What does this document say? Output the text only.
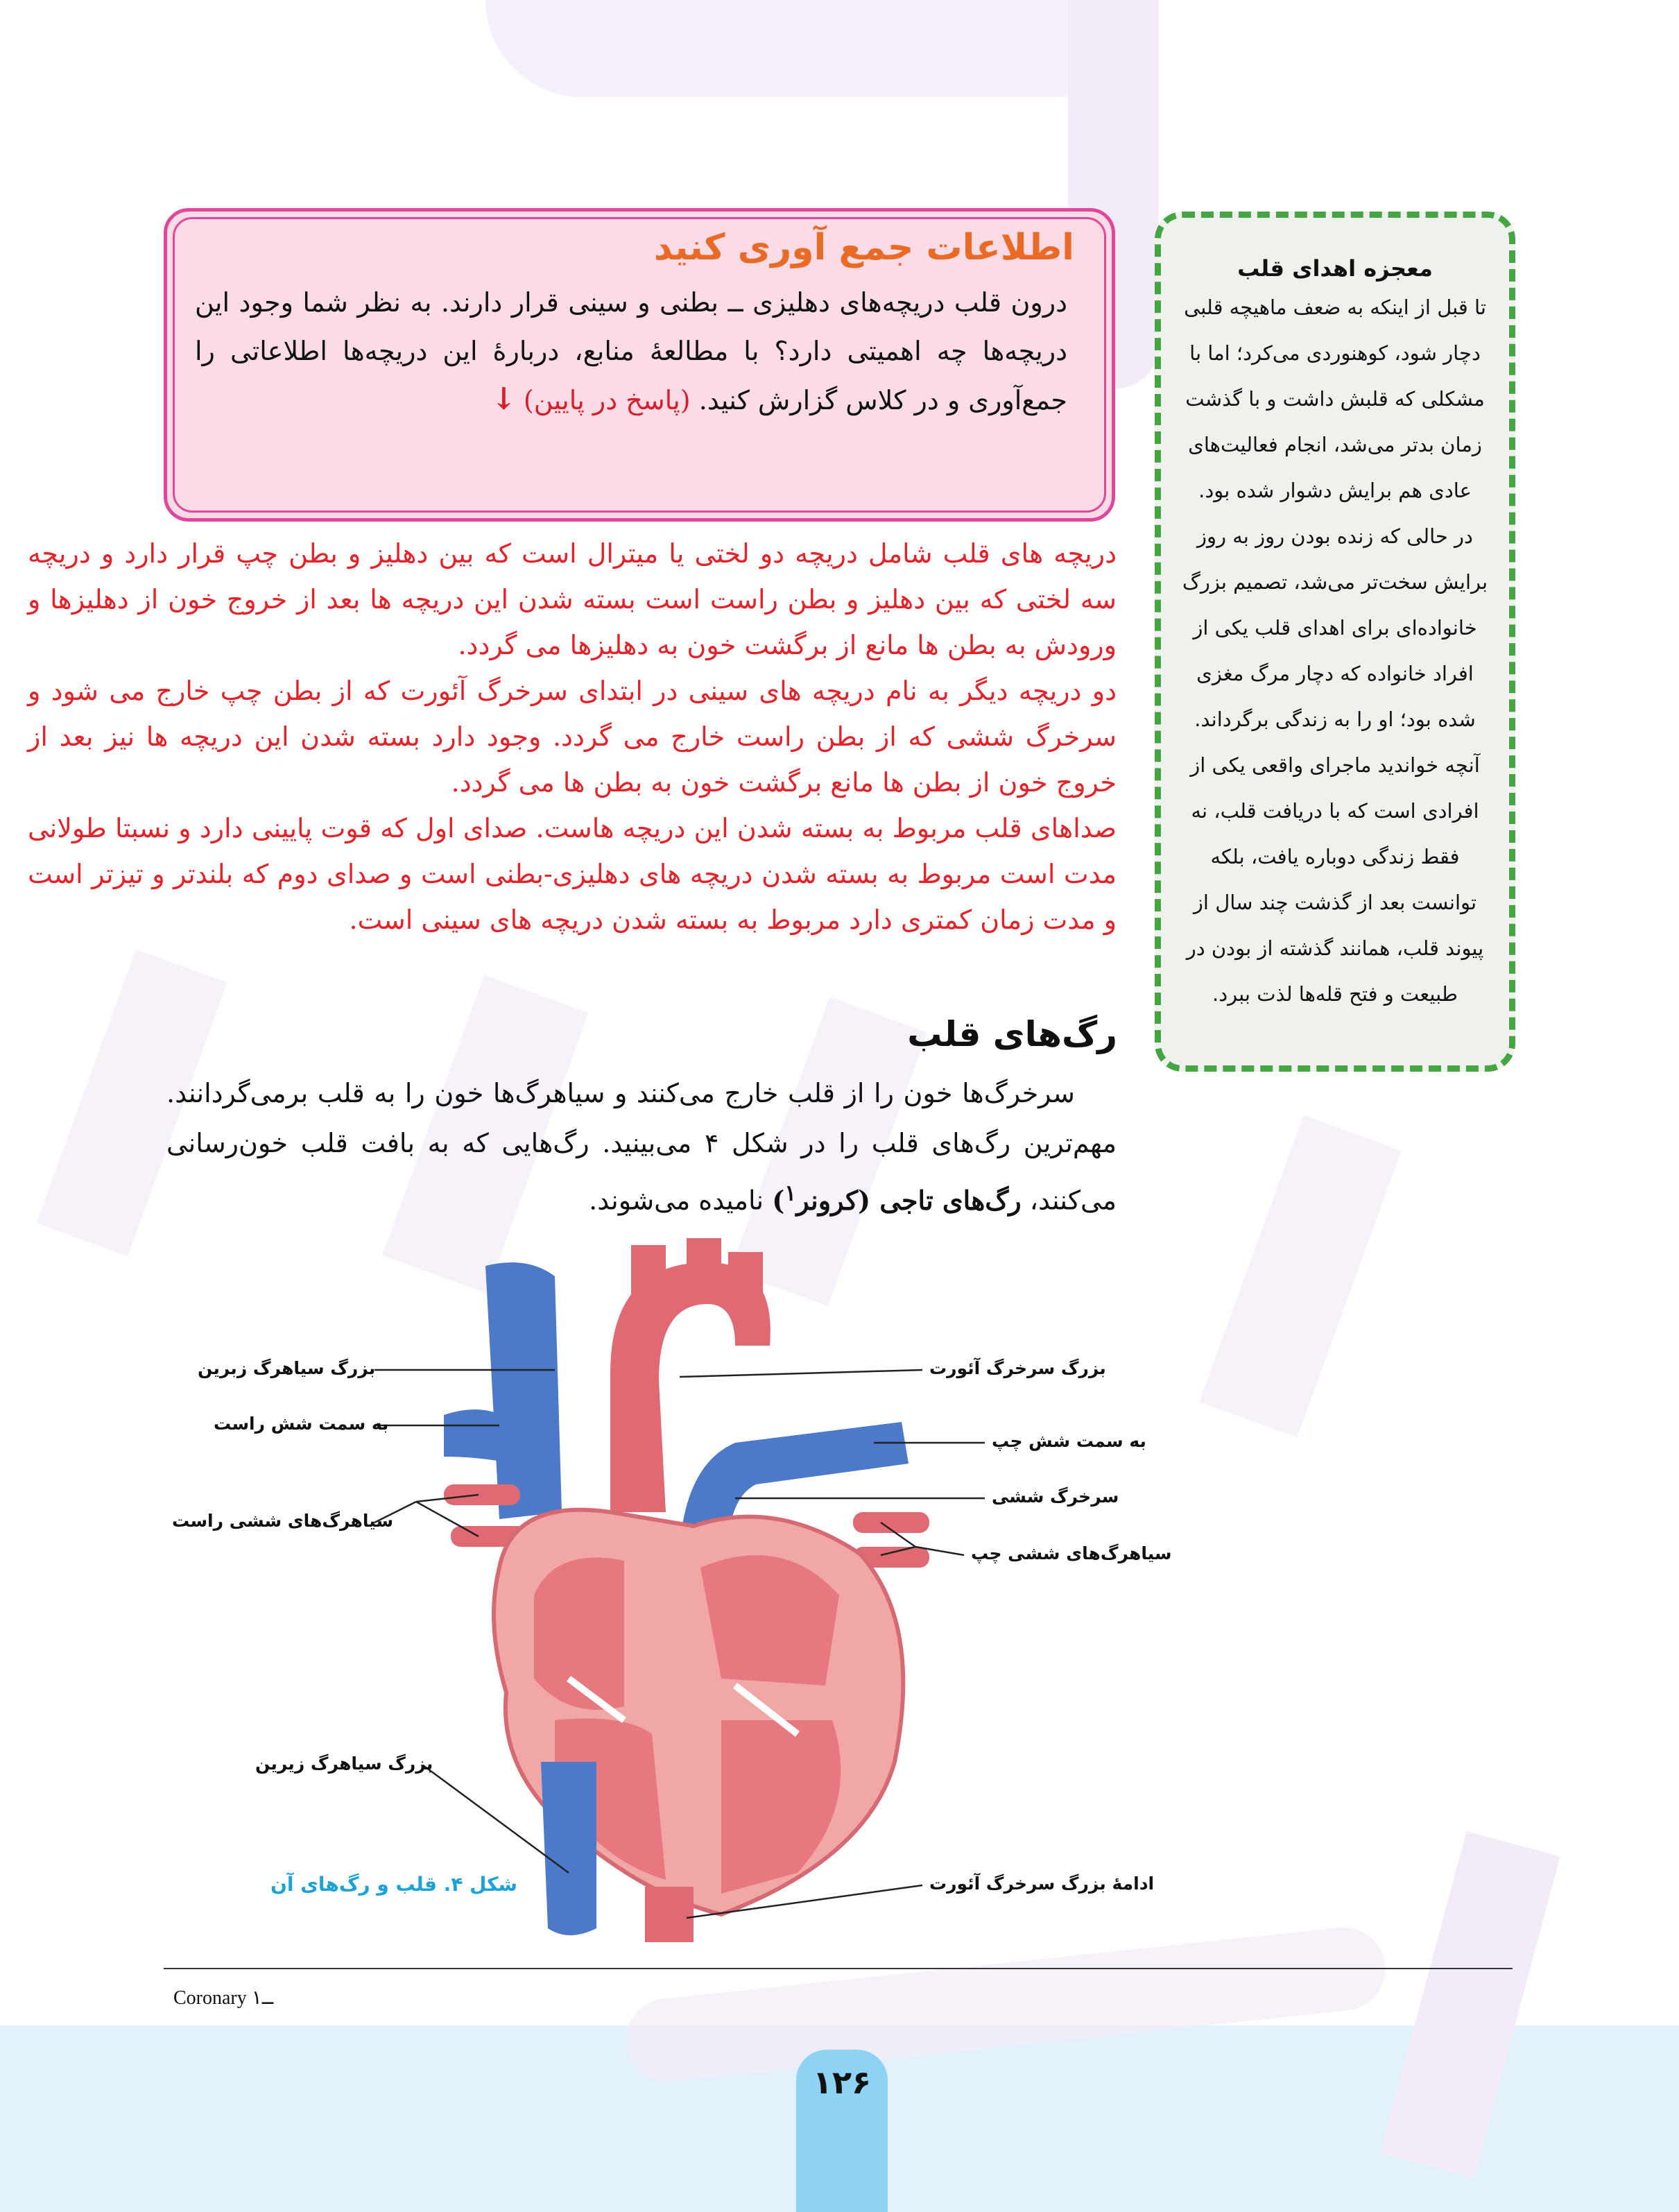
اطلاعات جمع آوری کنید

درون قلب دریچه‌های دهلیزی ــ بطنی و سینی قرار دارند. به نظر شما وجود این دریچه‌ها چه اهمیتی دارد؟ با مطالعهٔ منابع، دربارهٔ این دریچه‌ها اطلاعاتی را جمع‌آوری و در کلاس گزارش کنید. (پاسخ در پایین)↓

معجزه اهدای قلب

تا قبل از اینکه به ضعف ماهیچه قلبی دچار شود، کوهنوردی می‌کرد؛ اما با مشکلی که قلبش داشت و با گذشت زمان بدتر می‌شد، انجام فعالیت‌های عادی هم برایش دشوار شده بود.

در حالی که زنده بودن روز به روز برایش سخت‌تر می‌شد، تصمیم بزرگ خانواده‌ای برای اهدای قلب یکی از افراد خانواده که دچار مرگ مغزی شده بود؛ او را به زندگی برگرداند.

آنچه خواندید ماجرای واقعی یکی از افرادی است که با دریافت قلب، نه فقط زندگی دوباره یافت، بلکه توانست بعد از گذشت چند سال از پیوند قلب، همانند گذشته از بودن در طبیعت و فتح قله‌ها لذت ببرد.

دریچه های قلب شامل دریچه دو لختی یا میترال است که بین دهلیز و بطن چپ قرار دارد و دریچه سه لختی که بین دهلیز و بطن راست است بسته شدن این دریچه ها بعد از خروج خون از دهلیزها و ورودش به بطن ها مانع از برگشت خون به دهلیزها می گردد.
دو دریچه دیگر به نام دریچه های سینی در ابتدای سرخرگ آئورت که از بطن چپ خارج می شود و سرخرگ ششی که از بطن راست خارج می گردد. وجود دارد بسته شدن این دریچه ها نیز بعد از خروج خون از بطن ها مانع برگشت خون به بطن ها می گردد.
صداهای قلب مربوط به بسته شدن این دریچه هاست. صدای اول که قوت پایینی دارد و نسبتا طولانی مدت است مربوط به بسته شدن دریچه های دهلیزی-بطنی است و صدای دوم که بلندتر و تیزتر است و مدت زمان کمتری دارد مربوط به بسته شدن دریچه های سینی است.
رگ‌های قلب

سرخرگ‌ها خون را از قلب خارج می‌کنند و سیاهرگ‌ها خون را به قلب برمی‌گردانند. مهم‌ترین رگ‌های قلب را در شکل ۴ می‌بینید. رگ‌هایی که به بافت قلب خون‌رسانی می‌کنند، رگ‌های تاجی (کرونر$^۱$) نامیده می‌شوند.

بزرگ سیاهرگ زبرین
به سمت شش راست
سیاهرگ‌های ششی راست
بزرگ سیاهرگ زیرین
بزرگ سرخرگ آئورت
به سمت شش چپ
سرخرگ ششی
سیاهرگ‌های ششی چپ
ادامهٔ بزرگ سرخرگ آئورت
شکل ۴. قلب و رگ‌های آن
Coronary ــ۱
۱۲۶
